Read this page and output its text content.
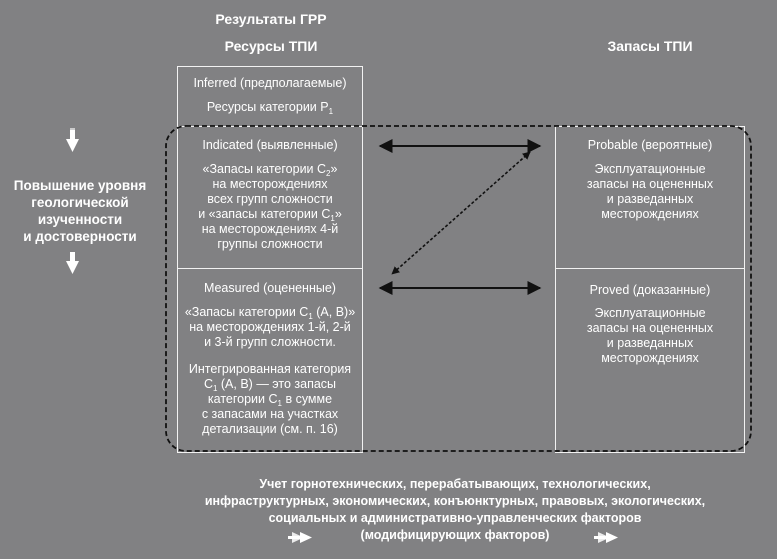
Результаты ГРР
Ресурсы ТПИ	Запасы ТПИ
Повышение уровня
геологической
изученности
и достоверности
Inferred (предполагаемые)
Ресурсы категории $Р_1$
Indicated (выявленные)
«Запасы категории $С_2$»
на месторождениях
всех групп сложности
и «запасы категории $С_1$»
на месторождениях 4-й
группы сложности
Measured (оцененные)
«Запасы категории $С_1$ (А, В)»
на месторождениях 1-й, 2-й
и 3-й групп сложности.
Интегрированная категория
$С_1$ (А, В) — это запасы
категории $С_1$ в сумме
с запасами на участках
детализации (см. п. 16)
Probable (вероятные)
Эксплуатационные
запасы на оцененных
и разведанных
месторождениях
Proved (доказанные)
Эксплуатационные
запасы на оцененных
и разведанных
месторождениях
Учет горнотехнических, перерабатывающих, технологических,
инфраструктурных, экономических, конъюнктурных, правовых, экологических,
социальных и административно-управленческих факторов
(модифицирующих факторов)
